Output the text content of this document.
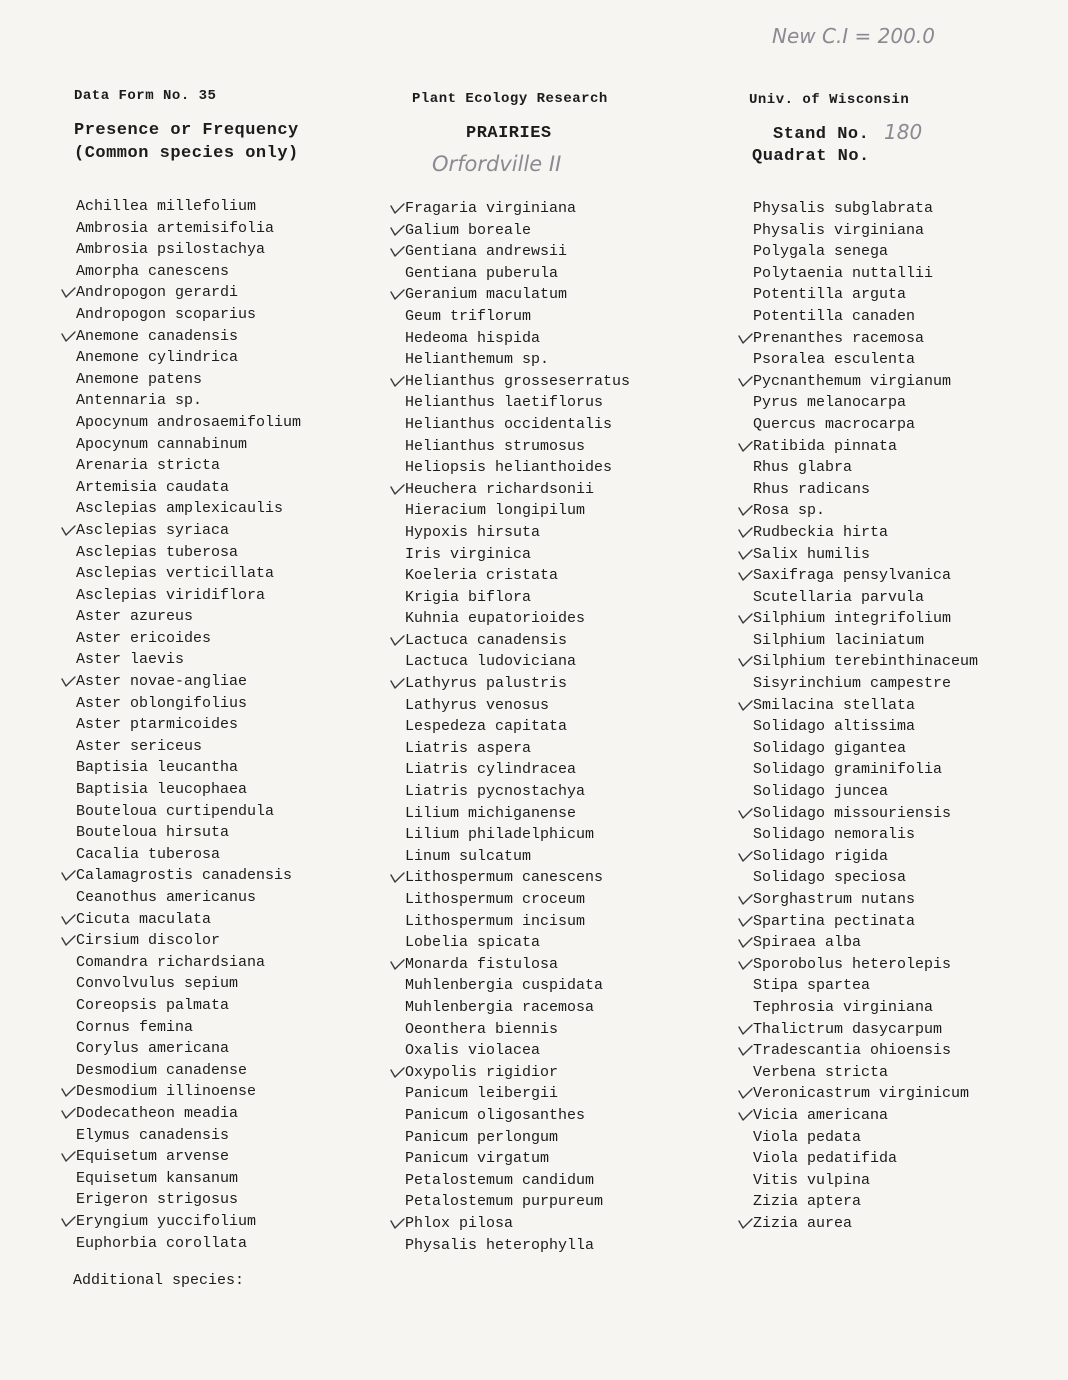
New C.I = 200.0
Data Form No. 35	Plant Ecology Research	Univ. of Wisconsin
Presence or Frequency
(Common species only)
PRAIRIES
Orfordville II
Stand No. 180
Quadrat No.
Achillea millefolium
Ambrosia artemisifolia
Ambrosia psilostachya
Amorpha canescens
Andropogon gerardi
Andropogon scoparius
Anemone canadensis
Anemone cylindrica
Anemone patens
Antennaria sp.
Apocynum androsaemifolium
Apocynum cannabinum
Arenaria stricta
Artemisia caudata
Asclepias amplexicaulis
Asclepias syriaca
Asclepias tuberosa
Asclepias verticillata
Asclepias viridiflora
Aster azureus
Aster ericoides
Aster laevis
Aster novae-angliae
Aster oblongifolius
Aster ptarmicoides
Aster sericeus
Baptisia leucantha
Baptisia leucophaea
Bouteloua curtipendula
Bouteloua hirsuta
Cacalia tuberosa
Calamagrostis canadensis
Ceanothus americanus
Cicuta maculata
Cirsium discolor
Comandra richardsiana
Convolvulus sepium
Coreopsis palmata
Cornus femina
Corylus americana
Desmodium canadense
Desmodium illinoense
Dodecatheon meadia
Elymus canadensis
Equisetum arvense
Equisetum kansanum
Erigeron strigosus
Eryngium yuccifolium
Euphorbia corollata
Fragaria virginiana
Galium boreale
Gentiana andrewsii
Gentiana puberula
Geranium maculatum
Geum triflorum
Hedeoma hispida
Helianthemum sp.
Helianthus grosseserratus
Helianthus laetiflorus
Helianthus occidentalis
Helianthus strumosus
Heliopsis helianthoides
Heuchera richardsonii
Hieracium longipilum
Hypoxis hirsuta
Iris virginica
Koeleria cristata
Krigia biflora
Kuhnia eupatorioides
Lactuca canadensis
Lactuca ludoviciana
Lathyrus palustris
Lathyrus venosus
Lespedeza capitata
Liatris aspera
Liatris cylindracea
Liatris pycnostachya
Lilium michiganense
Lilium philadelphicum
Linum sulcatum
Lithospermum canescens
Lithospermum croceum
Lithospermum incisum
Lobelia spicata
Monarda fistulosa
Muhlenbergia cuspidata
Muhlenbergia racemosa
Oeonthera biennis
Oxalis violacea
Oxypolis rigidior
Panicum leibergii
Panicum oligosanthes
Panicum perlongum
Panicum virgatum
Petalostemum candidum
Petalostemum purpureum
Phlox pilosa
Physalis heterophylla
Physalis subglabrata
Physalis virginiana
Polygala senega
Polytaenia nuttallii
Potentilla arguta
Potentilla canaden
Prenanthes racemosa
Psoralea esculenta
Pycnanthemum virgianum
Pyrus melanocarpa
Quercus macrocarpa
Ratibida pinnata
Rhus glabra
Rhus radicans
Rosa sp.
Rudbeckia hirta
Salix humilis
Saxifraga pensylvanica
Scutellaria parvula
Silphium integrifolium
Silphium laciniatum
Silphium terebinthinaceum
Sisyrinchium campestre
Smilacina stellata
Solidago altissima
Solidago gigantea
Solidago graminifolia
Solidago juncea
Solidago missouriensis
Solidago nemoralis
Solidago rigida
Solidago speciosa
Sorghastrum nutans
Spartina pectinata
Spiraea alba
Sporobolus heterolepis
Stipa spartea
Tephrosia virginiana
Thalictrum dasycarpum
Tradescantia ohioensis
Verbena stricta
Veronicastrum virginicum
Vicia americana
Viola pedata
Viola pedatifida
Vitis vulpina
Zizia aptera
Zizia aurea
Additional species:
